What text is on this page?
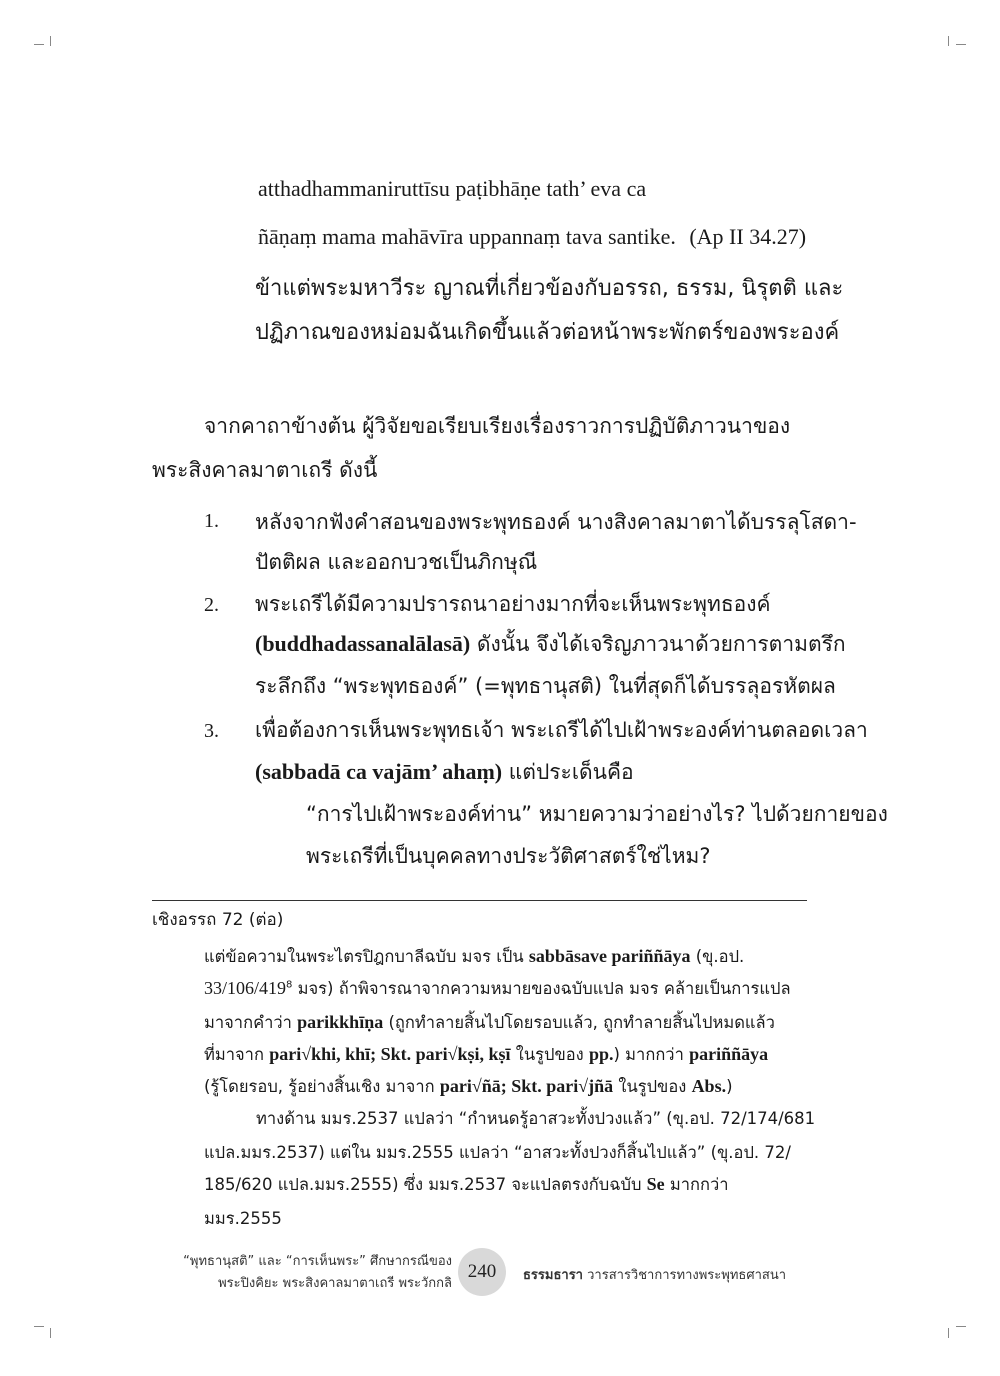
atthadhammaniruttīsu paṭibhāṇe tath’ eva ca
ñāṇaṃ mama mahāvīra uppannaṃ tava santike. (Ap II 34.27)
ข้าแต่พระมหาวีระ ญาณที่เกี่ยวข้องกับอรรถ, ธรรม, นิรุตติ และ
ปฏิภาณของหม่อมฉันเกิดขึ้นแล้วต่อหน้าพระพักตร์ของพระองค์
จากคาถาข้างต้น ผู้วิจัยขอเรียบเรียงเรื่องราวการปฏิบัติภาวนาของ
พระสิงคาลมาตาเถรี ดังนี้
1. หลังจากฟังคำสอนของพระพุทธองค์ นางสิงคาลมาตาได้บรรลุโสดา-
ปัตติผล และออกบวชเป็นภิกษุณี
2. พระเถรีได้มีความปรารถนาอย่างมากที่จะเห็นพระพุทธองค์
(buddhadassanalālasā) ดังนั้น จึงได้เจริญภาวนาด้วยการตามตรึก
ระลึกถึง “พระพุทธองค์” (=พุทธานุสติ) ในที่สุดก็ได้บรรลุอรหัตผล
3. เพื่อต้องการเห็นพระพุทธเจ้า พระเถรีได้ไปเฝ้าพระองค์ท่านตลอดเวลา
(sabbadā ca vajām’ ahaṃ) แต่ประเด็นคือ
“การไปเฝ้าพระองค์ท่าน” หมายความว่าอย่างไร? ไปด้วยกายของ
พระเถรีที่เป็นบุคคลทางประวัติศาสตร์ใช่ไหม?
เชิงอรรถ 72 (ต่อ)
แต่ข้อความในพระไตรปิฎกบาลีฉบับ มจร เป็น sabbāsave pariññāya (ขุ.อป.
$33/106/419^8$ มจร) ถ้าพิจารณาจากความหมายของฉบับแปล มจร คล้ายเป็นการแปล
มาจากคำว่า parikkhīṇa (ถูกทำลายสิ้นไปโดยรอบแล้ว, ถูกทำลายสิ้นไปหมดแล้ว
ที่มาจาก pari√khi, khī; Skt. pari√kṣi, kṣī ในรูปของ pp.) มากกว่า pariññāya
(รู้โดยรอบ, รู้อย่างสิ้นเชิง มาจาก pari√ñā; Skt. pari√jñā ในรูปของ Abs.)
ทางด้าน มมร.2537 แปลว่า “กำหนดรู้อาสวะทั้งปวงแล้ว” (ขุ.อป. 72/174/681
แปล.มมร.2537) แต่ใน มมร.2555 แปลว่า “อาสวะทั้งปวงก็สิ้นไปแล้ว” (ขุ.อป. 72/
185/620 แปล.มมร.2555) ซึ่ง มมร.2537 จะแปลตรงกับฉบับ Se มากกว่า
มมร.2555
“พุทธานุสติ” และ “การเห็นพระ” ศึกษากรณีของ
พระปิงคิยะ พระสิงคาลมาตาเถรี พระวักกลิ
240	ธรรมธารา วารสารวิชาการทางพระพุทธศาสนา
